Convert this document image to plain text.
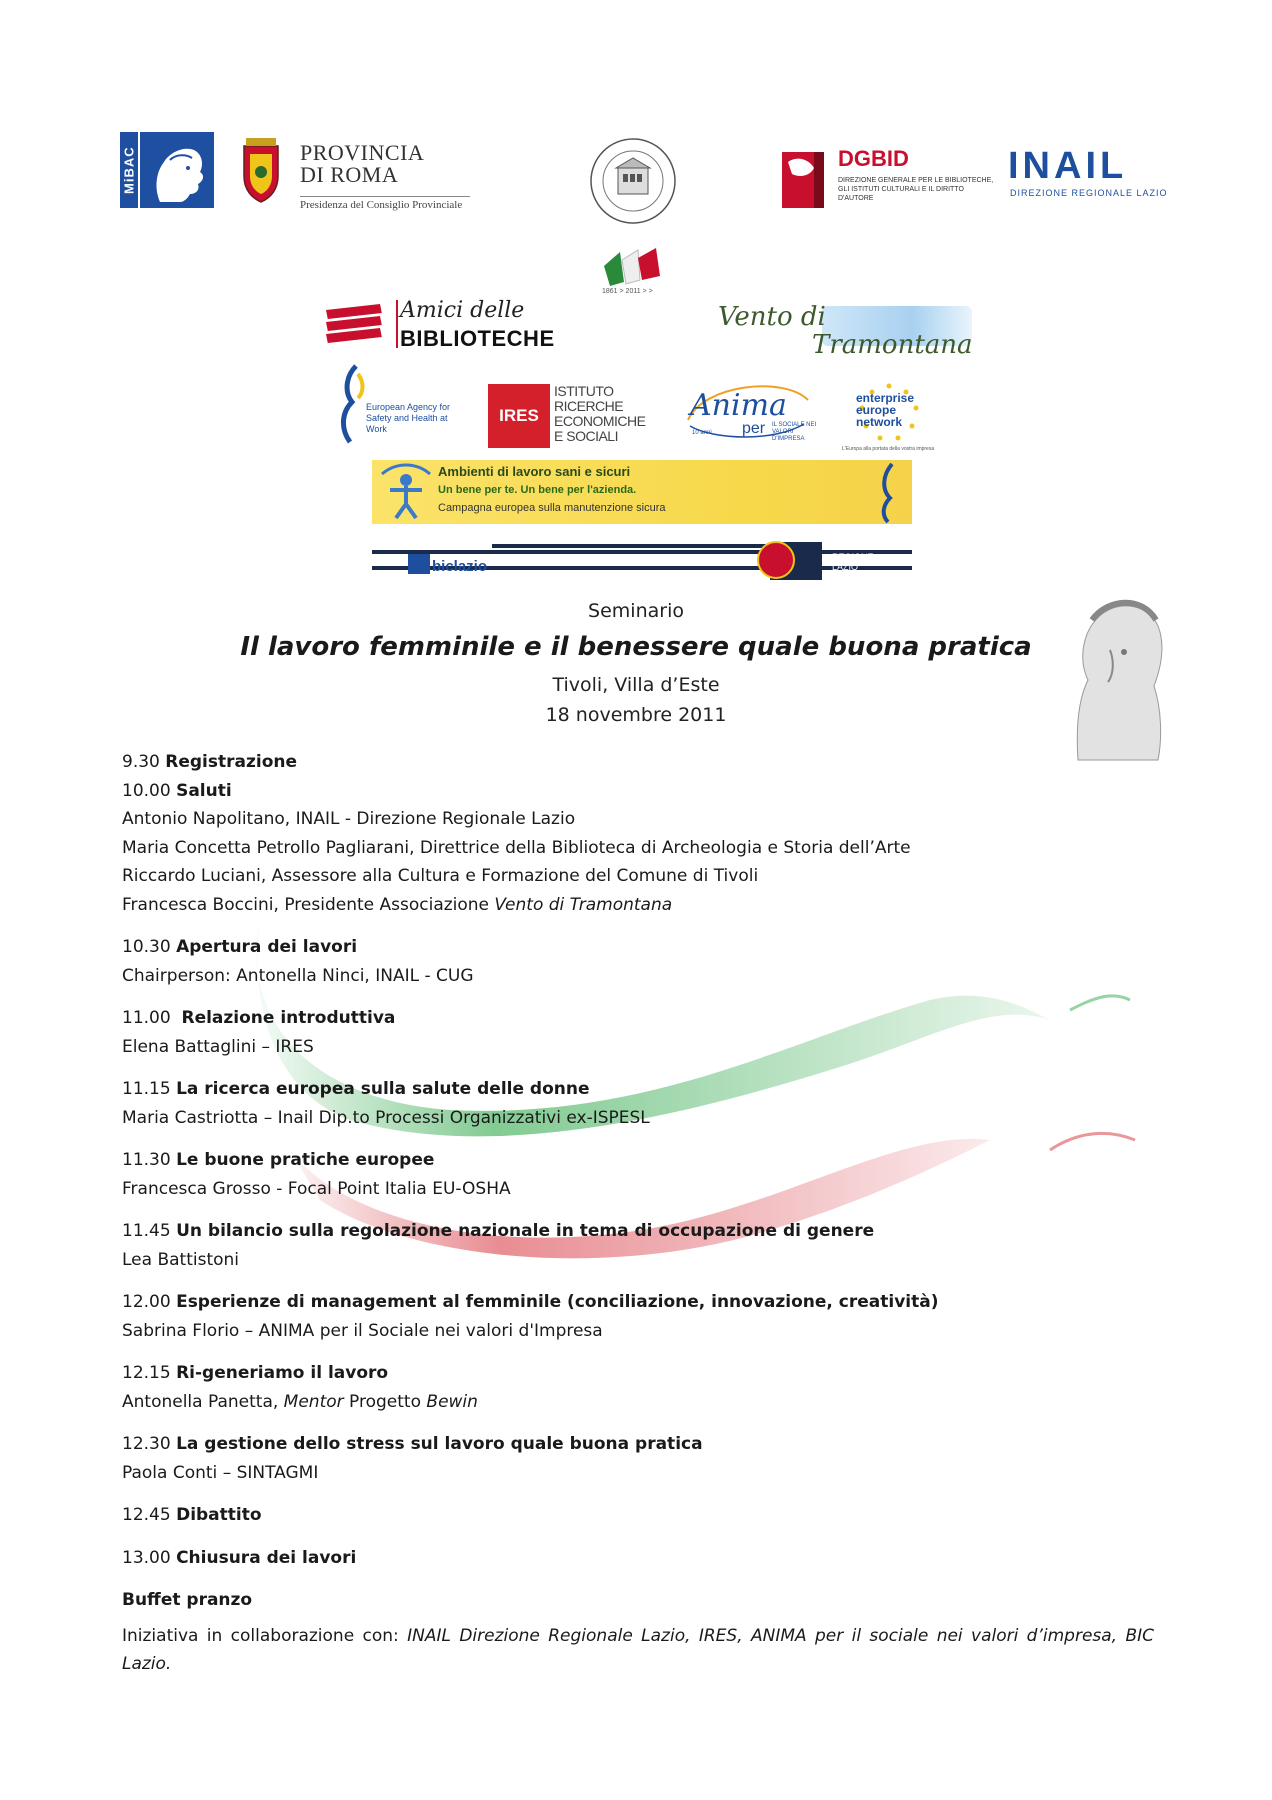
MiBAC	PROVINCIA
DI ROMA
Presidenza del Consiglio Provinciale
DGBID
DIREZIONE GENERALE PER LE BIBLIOTECHE, GLI ISTITUTI CULTURALI E IL DIRITTO D'AUTORE
INAIL
DIREZIONE REGIONALE LAZIO
1861 > 2011 > >
Amici delle
BIBLIOTECHE
Vento di
Tramontana
European Agency for Safety and Health at Work
IRES
ISTITUTO
RICERCHE
ECONOMICHE
E SOCIALI
Anima
per IL SOCIALE NEI VALORI D'IMPRESA
10 anni
enterprise
europe
network
L'Europa alla portata della vostra impresa
Ambienti di lavoro sani e sicuri
Un bene per te. Un bene per l'azienda.
Campagna europea sulla manutenzione sicura
biclazio
REGIONE LAZIO
Seminario
Il lavoro femminile e il benessere quale buona pratica
Tivoli, Villa d’Este
18 novembre 2011
9.30 Registrazione
10.00 Saluti
Antonio Napolitano, INAIL - Direzione Regionale Lazio
Maria Concetta Petrollo Pagliarani, Direttrice della Biblioteca di Archeologia e Storia dell’Arte
Riccardo Luciani, Assessore alla Cultura e Formazione del Comune di Tivoli
Francesca Boccini, Presidente Associazione Vento di Tramontana
10.30 Apertura dei lavori
Chairperson: Antonella Ninci, INAIL - CUG
11.00  Relazione introduttiva
Elena Battaglini – IRES
11.15 La ricerca europea sulla salute delle donne
Maria Castriotta – Inail Dip.to Processi Organizzativi ex-ISPESL
11.30 Le buone pratiche europee
Francesca Grosso - Focal Point Italia EU-OSHA
11.45 Un bilancio sulla regolazione nazionale in tema di occupazione di genere
Lea Battistoni
12.00 Esperienze di management al femminile (conciliazione, innovazione, creatività)
Sabrina Florio – ANIMA per il Sociale nei valori d'Impresa
12.15 Ri-generiamo il lavoro
Antonella Panetta, Mentor Progetto Bewin
12.30 La gestione dello stress sul lavoro quale buona pratica
Paola Conti – SINTAGMI
12.45 Dibattito
13.00 Chiusura dei lavori
Buffet pranzo
Iniziativa in collaborazione con: INAIL Direzione Regionale Lazio, IRES, ANIMA per il sociale nei valori d’impresa, BIC Lazio.
